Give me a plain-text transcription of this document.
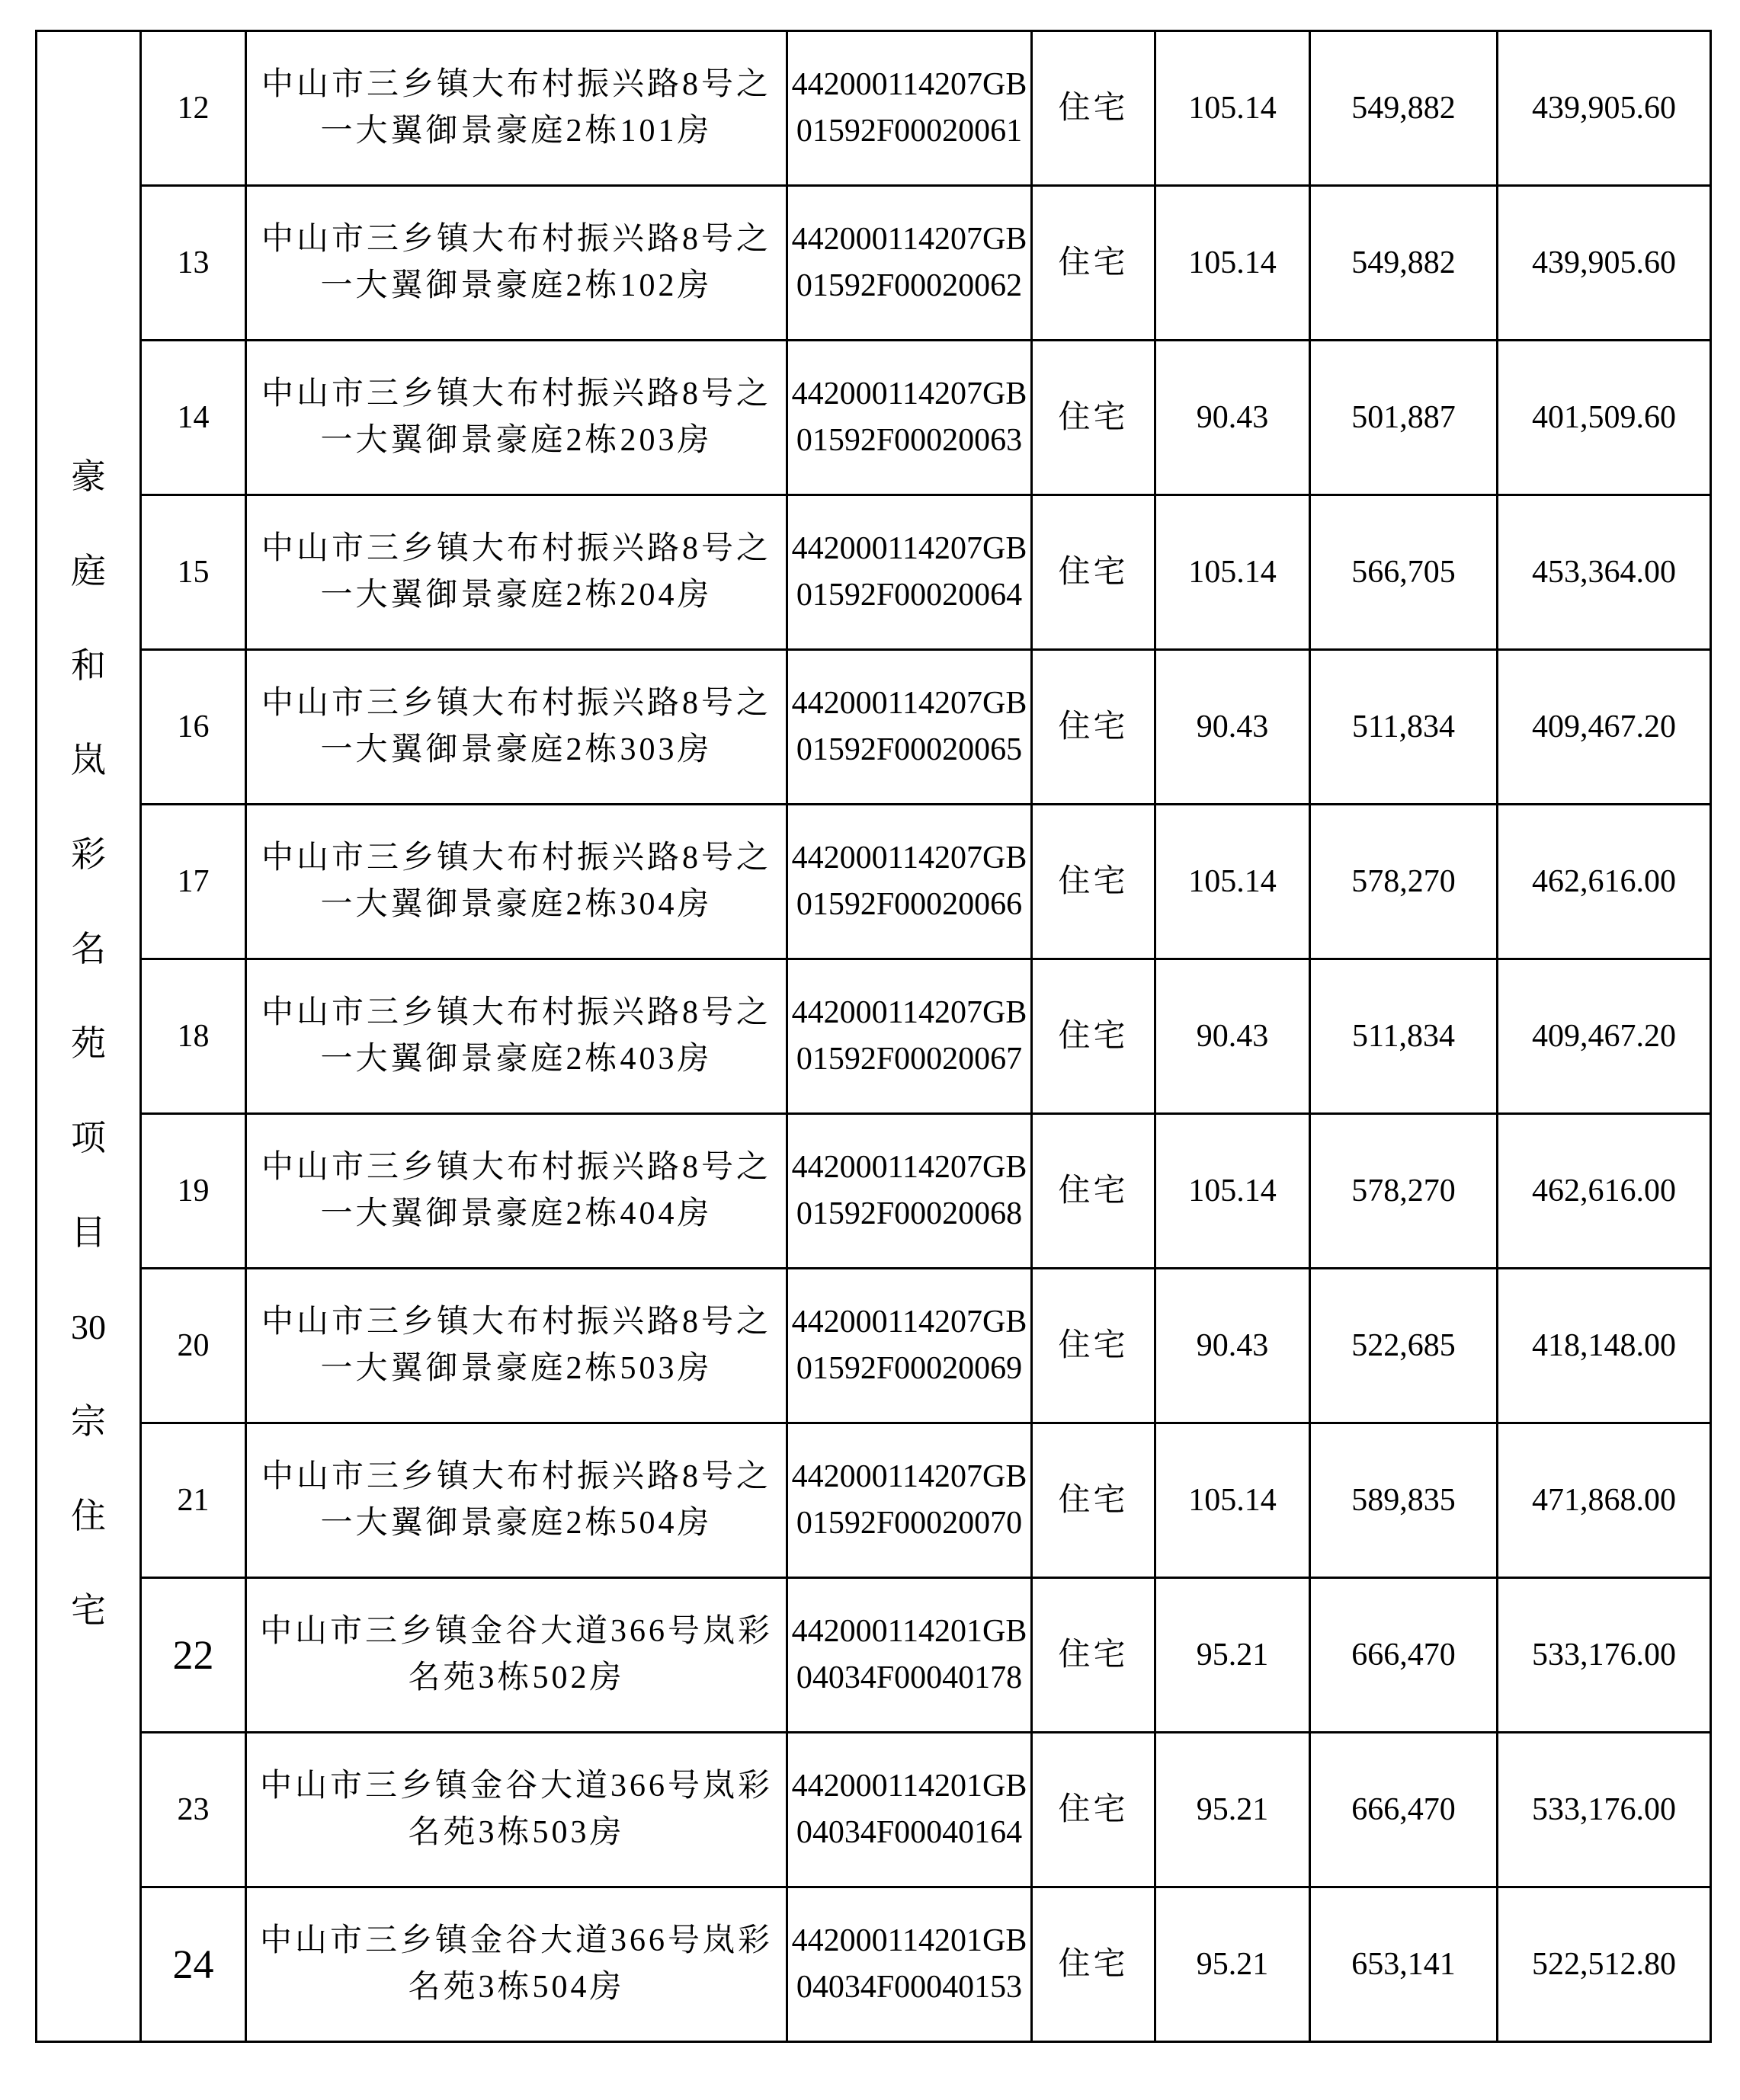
豪
庭
和
岚
彩
名
苑
项
目
30
宗
住
宅
	12	中山市三乡镇大布村振兴路8号之一大翼御景豪庭2栋101房	442000114207GB01592F00020061	住宅	105.14	549,882	439,905.60
	13	中山市三乡镇大布村振兴路8号之一大翼御景豪庭2栋102房	442000114207GB01592F00020062	住宅	105.14	549,882	439,905.60
	14	中山市三乡镇大布村振兴路8号之一大翼御景豪庭2栋203房	442000114207GB01592F00020063	住宅	90.43	501,887	401,509.60
	15	中山市三乡镇大布村振兴路8号之一大翼御景豪庭2栋204房	442000114207GB01592F00020064	住宅	105.14	566,705	453,364.00
	16	中山市三乡镇大布村振兴路8号之一大翼御景豪庭2栋303房	442000114207GB01592F00020065	住宅	90.43	511,834	409,467.20
	17	中山市三乡镇大布村振兴路8号之一大翼御景豪庭2栋304房	442000114207GB01592F00020066	住宅	105.14	578,270	462,616.00
	18	中山市三乡镇大布村振兴路8号之一大翼御景豪庭2栋403房	442000114207GB01592F00020067	住宅	90.43	511,834	409,467.20
	19	中山市三乡镇大布村振兴路8号之一大翼御景豪庭2栋404房	442000114207GB01592F00020068	住宅	105.14	578,270	462,616.00
	20	中山市三乡镇大布村振兴路8号之一大翼御景豪庭2栋503房	442000114207GB01592F00020069	住宅	90.43	522,685	418,148.00
	21	中山市三乡镇大布村振兴路8号之一大翼御景豪庭2栋504房	442000114207GB01592F00020070	住宅	105.14	589,835	471,868.00
	22	中山市三乡镇金谷大道366号岚彩名苑3栋502房	442000114201GB04034F00040178	住宅	95.21	666,470	533,176.00
	23	中山市三乡镇金谷大道366号岚彩名苑3栋503房	442000114201GB04034F00040164	住宅	95.21	666,470	533,176.00
	24	中山市三乡镇金谷大道366号岚彩名苑3栋504房	442000114201GB04034F00040153	住宅	95.21	653,141	522,512.80
